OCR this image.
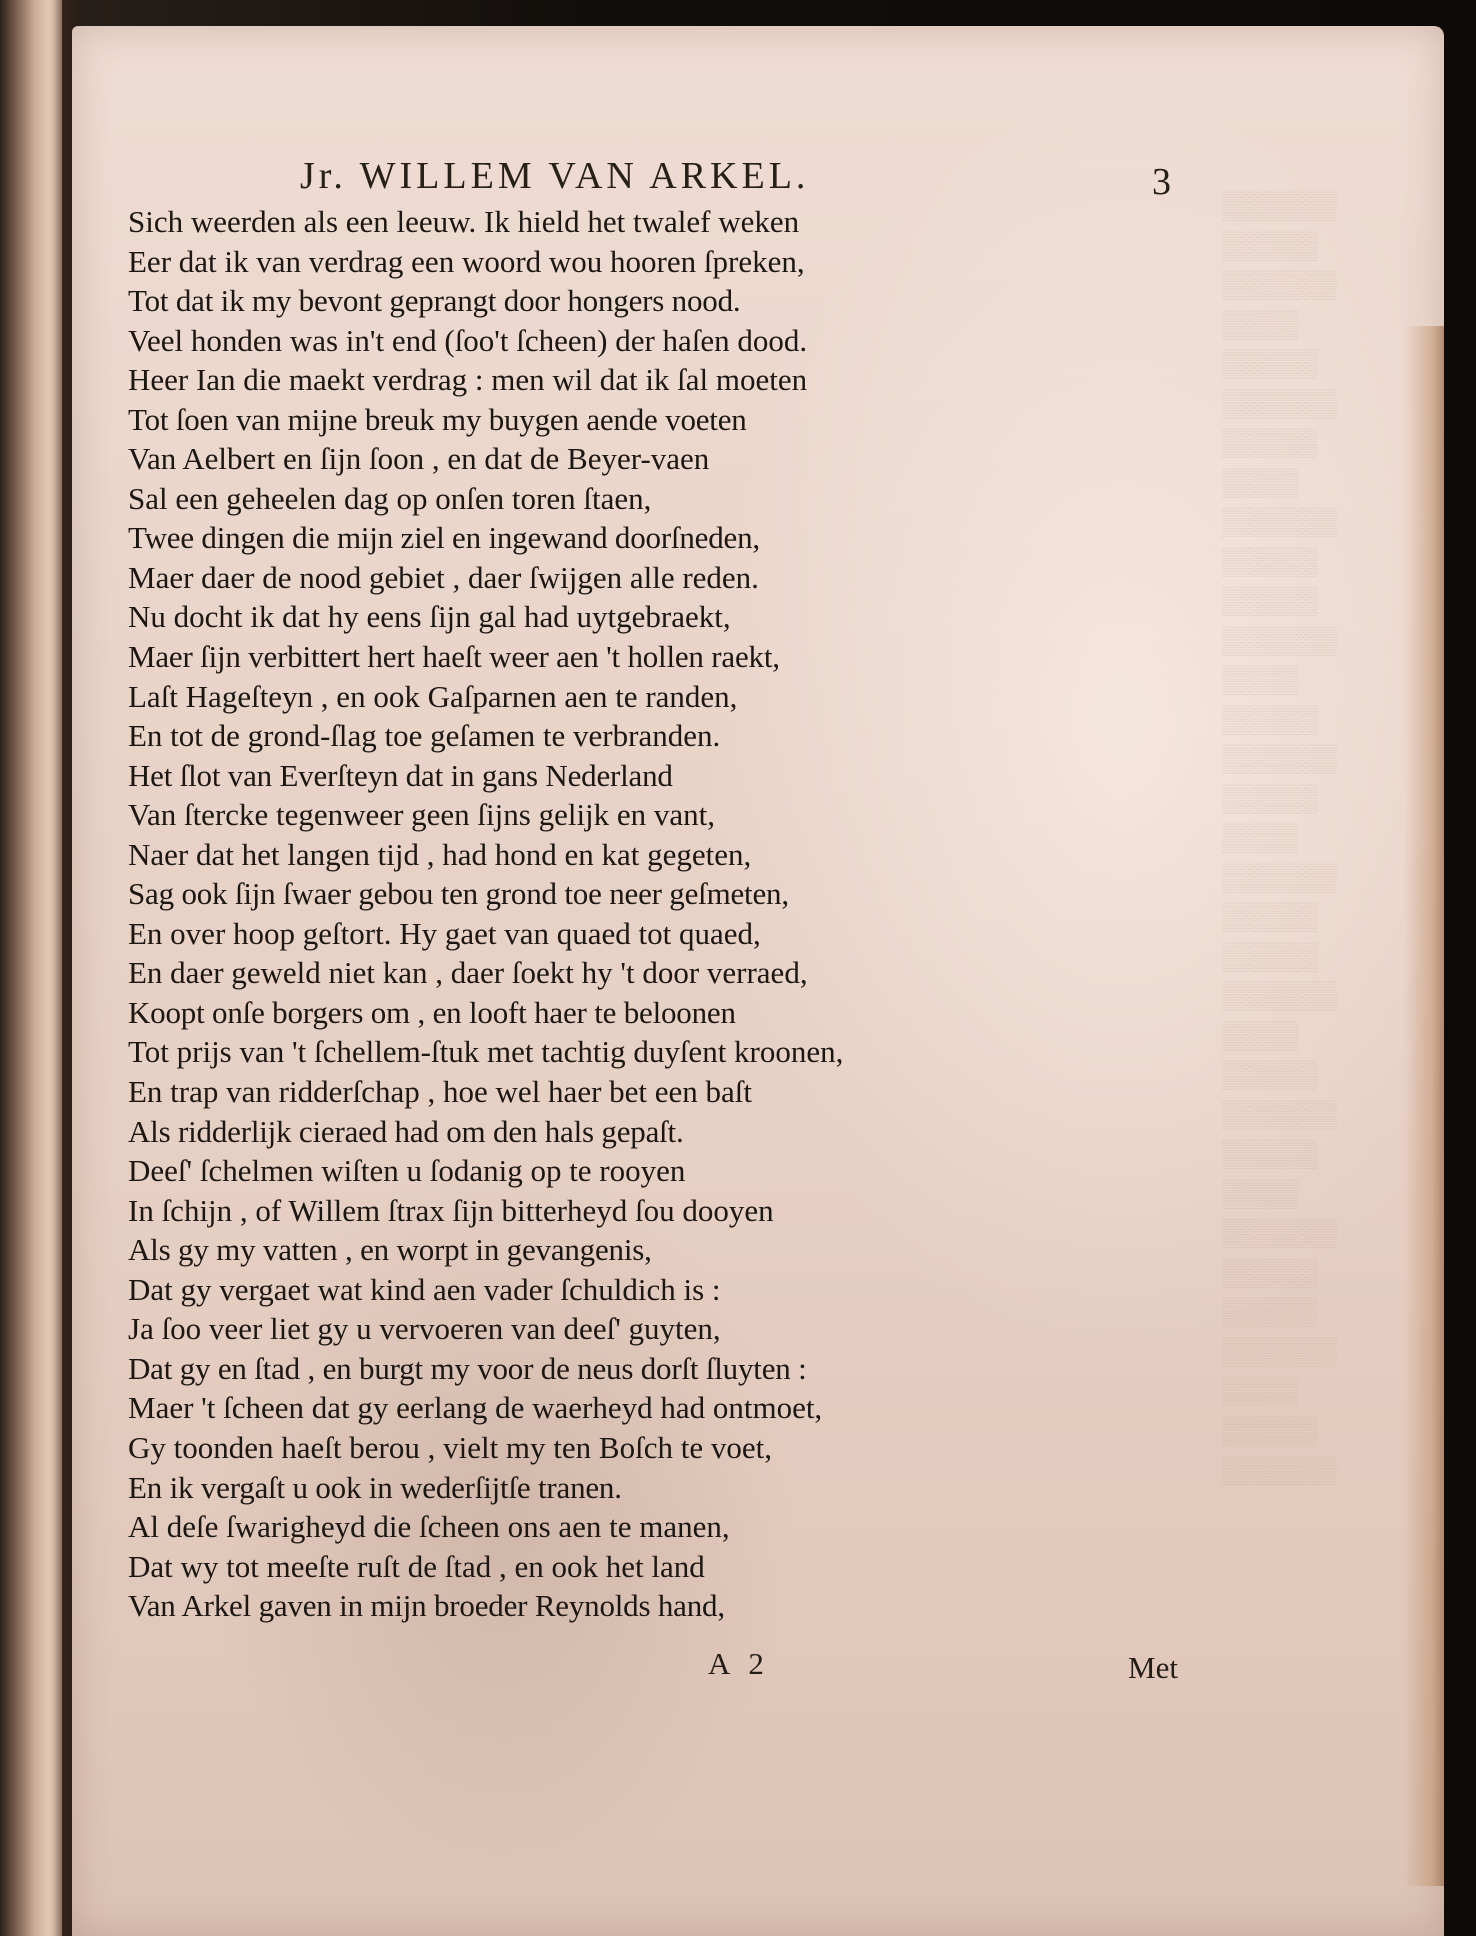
▒▒▒▒▒▒
▒▒▒▒▒
▒▒▒▒▒▒
▒▒▒▒
▒▒▒▒▒
▒▒▒▒▒▒
▒▒▒▒▒
▒▒▒▒
▒▒▒▒▒▒
▒▒▒▒▒
▒▒▒▒▒
▒▒▒▒▒▒
▒▒▒▒
▒▒▒▒▒
▒▒▒▒▒▒
▒▒▒▒▒
▒▒▒▒
▒▒▒▒▒▒
▒▒▒▒▒
▒▒▒▒▒
▒▒▒▒▒▒
▒▒▒▒
▒▒▒▒▒
▒▒▒▒▒▒
▒▒▒▒▒
▒▒▒▒
▒▒▒▒▒▒
▒▒▒▒▒
▒▒▒▒▒
▒▒▒▒▒▒
▒▒▒▒
▒▒▒▒▒
▒▒▒▒▒▒
Jr. WILLEM VAN ARKEL.	3
Sich weerden als een leeuw. Ik hield het twalef weken
Eer dat ik van verdrag een woord wou hooren ſpreken,
Tot dat ik my bevont geprangt door hongers nood.
Veel honden was in't end (ſoo't ſcheen) der haſen dood.
Heer Ian die maekt verdrag : men wil dat ik ſal moeten
Tot ſoen van mijne breuk my buygen aende voeten
Van Aelbert en ſijn ſoon , en dat de Beyer-vaen
Sal een geheelen dag op onſen toren ſtaen,
Twee dingen die mijn ziel en ingewand doorſneden,
Maer daer de nood gebiet , daer ſwijgen alle reden.
Nu docht ik dat hy eens ſijn gal had uytgebraekt,
Maer ſijn verbittert hert haeſt weer aen 't hollen raekt,
Laſt Hageſteyn , en ook Gaſparnen aen te randen,
En tot de grond-ſlag toe geſamen te verbranden.
Het ſlot van Everſteyn dat in gans Nederland
Van ſtercke tegenweer geen ſijns gelijk en vant,
Naer dat het langen tijd , had hond en kat gegeten,
Sag ook ſijn ſwaer gebou ten grond toe neer geſmeten,
En over hoop geſtort. Hy gaet van quaed tot quaed,
En daer geweld niet kan , daer ſoekt hy 't door verraed,
Koopt onſe borgers om , en looft haer te beloonen
Tot prijs van 't ſchellem-ſtuk met tachtig duyſent kroonen,
En trap van ridderſchap , hoe wel haer bet een baſt
Als ridderlijk cieraed had om den hals gepaſt.
Deeſ' ſchelmen wiſten u ſodanig op te rooyen
In ſchijn , of Willem ſtrax ſijn bitterheyd ſou dooyen
Als gy my vatten , en worpt in gevangenis,
Dat gy vergaet wat kind aen vader ſchuldich is :
Ja ſoo veer liet gy u vervoeren van deeſ' guyten,
Dat gy en ſtad , en burgt my voor de neus dorſt ſluyten :
Maer 't ſcheen dat gy eerlang de waerheyd had ontmoet,
Gy toonden haeſt berou , vielt my ten Boſch te voet,
En ik vergaſt u ook in wederſijtſe tranen.
Al deſe ſwarigheyd die ſcheen ons aen te manen,
Dat wy tot meeſte ruſt de ſtad , en ook het land
Van Arkel gaven in mijn broeder Reynolds hand,
A 2	Met
